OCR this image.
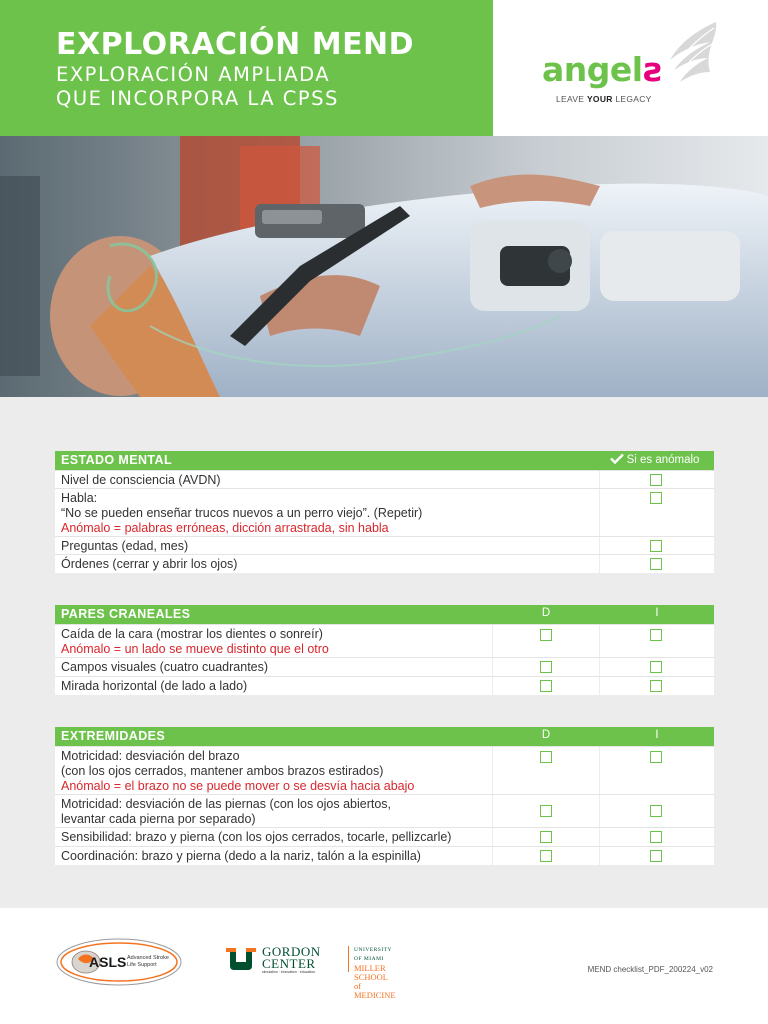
EXPLORACIÓN MEND
EXPLORACIÓN AMPLIADA
QUE INCORPORA LA CPSS
angels
LEAVE YOUR LEGACY
ESTADO MENTAL	Si es anómalo
Nivel de consciencia (AVDN)
Habla:
“No se pueden enseñar trucos nuevos a un perro viejo”. (Repetir)
Anómalo = palabras erróneas, dicción arrastrada, sin habla
Preguntas (edad, mes)
Órdenes (cerrar y abrir los ojos)
PARES CRANEALES	D	I
Caída de la cara (mostrar los dientes o sonreír)
Anómalo = un lado se mueve distinto que el otro
Campos visuales (cuatro cuadrantes)
Mirada horizontal (de lado a lado)
EXTREMIDADES	D	I
Motricidad: desviación del brazo
(con los ojos cerrados, mantener ambos brazos estirados)
Anómalo = el brazo no se puede mover o se desvía hacia abajo
Motricidad: desviación de las piernas (con los ojos abiertos,
levantar cada pierna por separado)
Sensibilidad: brazo y pierna (con los ojos cerrados, tocarle, pellizcarle)
Coordinación: brazo y pierna (dedo a la nariz, talón a la espinilla)
ASLS Advanced Stroke
Life Support
GORDON
CENTER
simulation · innovation · education
UNIVERSITY OF MIAMI
MILLER SCHOOL
of MEDICINE
MEND checklist_PDF_200224_v02
